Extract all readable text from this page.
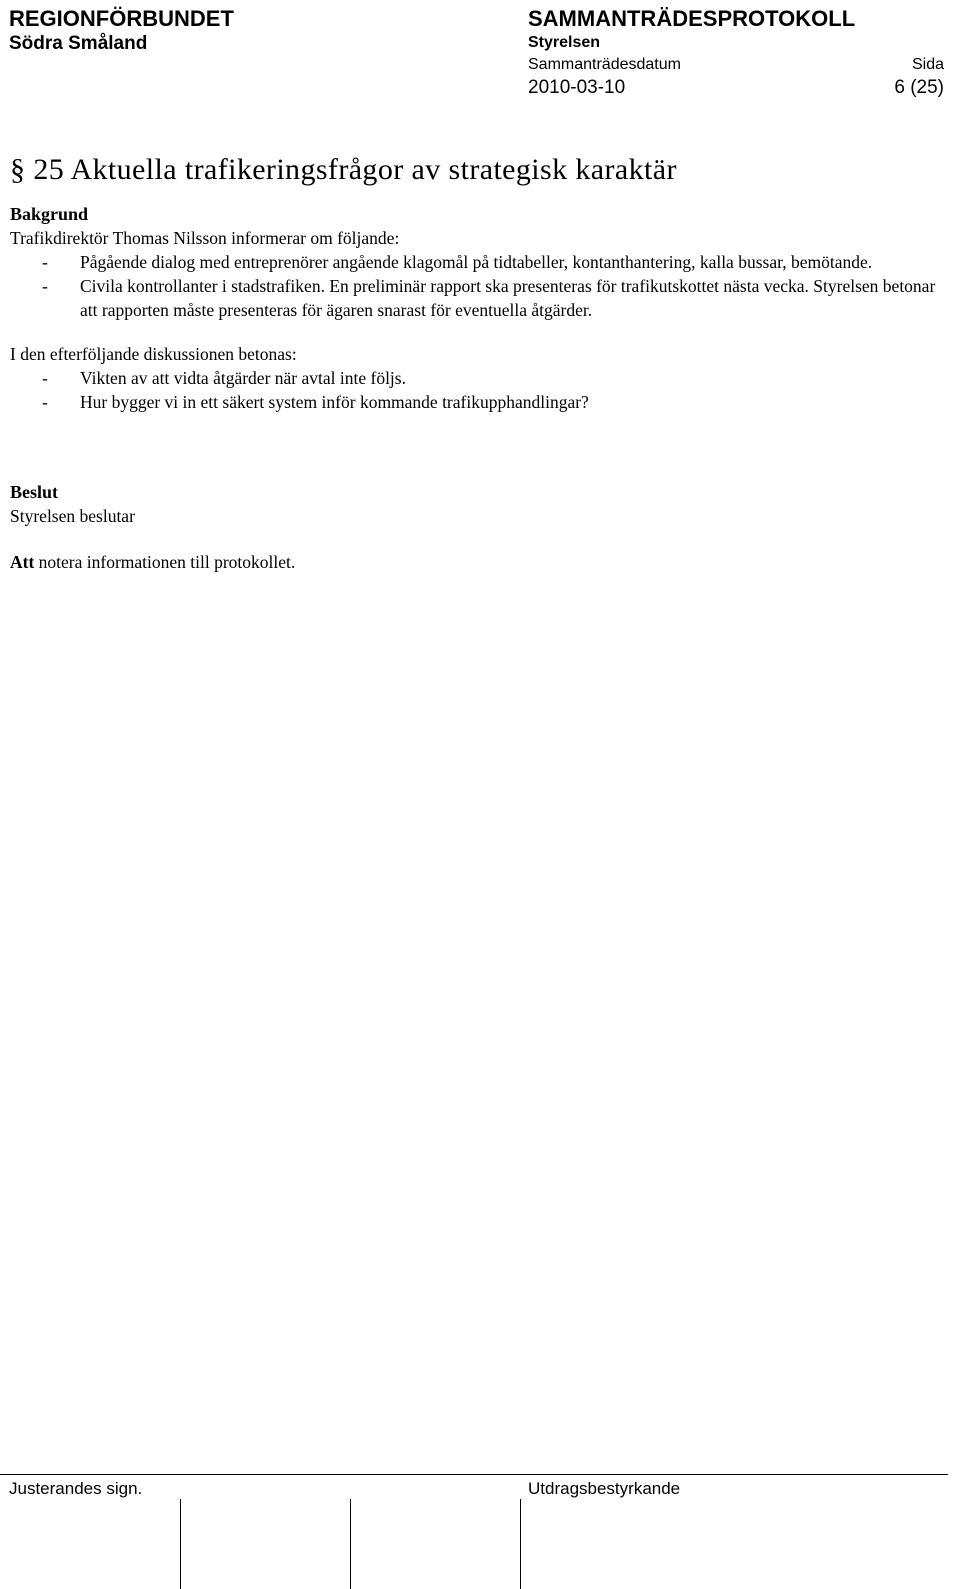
REGIONFÖRBUNDET
Södra Småland
SAMMANTRÄDESPROTOKOLL
Styrelsen
Sammanträdesdatum	Sida
2010-03-10	6 (25)
§ 25 Aktuella trafikeringsfrågor av strategisk karaktär
Bakgrund

Trafikdirektör Thomas Nilsson informerar om följande:

- Pågående dialog med entreprenörer angående klagomål på tidtabeller, kontanthantering, kalla bussar, bemötande.
- Civila kontrollanter i stadstrafiken. En preliminär rapport ska presenteras för trafikutskottet nästa vecka. Styrelsen betonar att rapporten måste presenteras för ägaren snarast för eventuella åtgärder.

I den efterföljande diskussionen betonas:

- Vikten av att vidta åtgärder när avtal inte följs.
- Hur bygger vi in ett säkert system inför kommande trafikupphandlingar?
Beslut

Styrelsen beslutar

Att notera informationen till protokollet.

Justerandes sign.	Utdragsbestyrkande
